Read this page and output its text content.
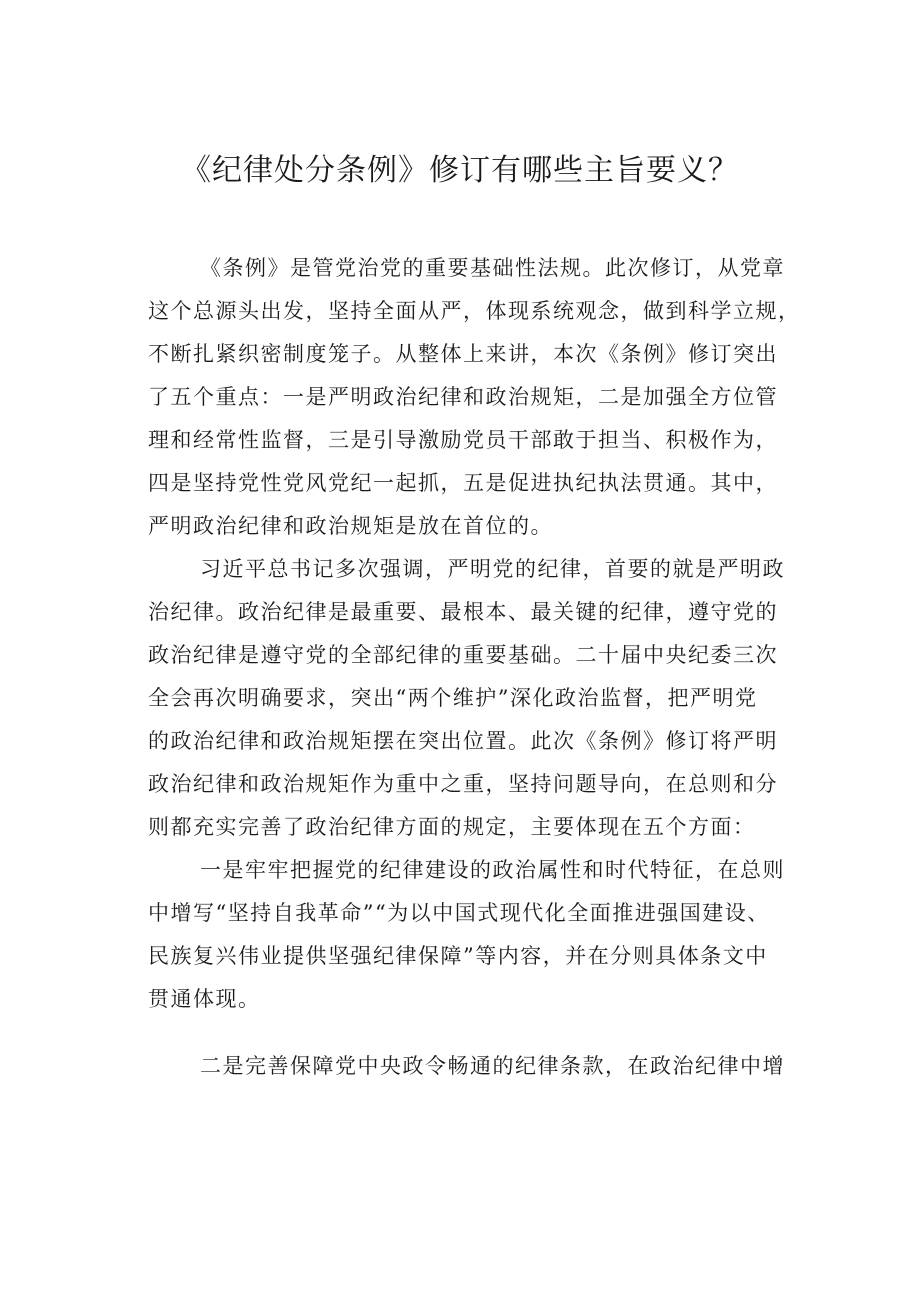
《纪律处分条例》修订有哪些主旨要义？
《条例》是管党治党的重要基础性法规。此次修订，从党章
这个总源头出发，坚持全面从严，体现系统观念，做到科学立规，
不断扎紧织密制度笼子。从整体上来讲，本次《条例》修订突出
了五个重点：一是严明政治纪律和政治规矩，二是加强全方位管
理和经常性监督，三是引导激励党员干部敢于担当、积极作为，
四是坚持党性党风党纪一起抓，五是促进执纪执法贯通。其中，
严明政治纪律和政治规矩是放在首位的。
习近平总书记多次强调，严明党的纪律，首要的就是严明政
治纪律。政治纪律是最重要、最根本、最关键的纪律，遵守党的
政治纪律是遵守党的全部纪律的重要基础。二十届中央纪委三次
全会再次明确要求，突出“两个维护”深化政治监督，把严明党
的政治纪律和政治规矩摆在突出位置。此次《条例》修订将严明
政治纪律和政治规矩作为重中之重，坚持问题导向，在总则和分
则都充实完善了政治纪律方面的规定，主要体现在五个方面：
一是牢牢把握党的纪律建设的政治属性和时代特征，在总则
中增写“坚持自我革命”“为以中国式现代化全面推进强国建设、
民族复兴伟业提供坚强纪律保障”等内容，并在分则具体条文中
贯通体现。
二是完善保障党中央政令畅通的纪律条款，在政治纪律中增
